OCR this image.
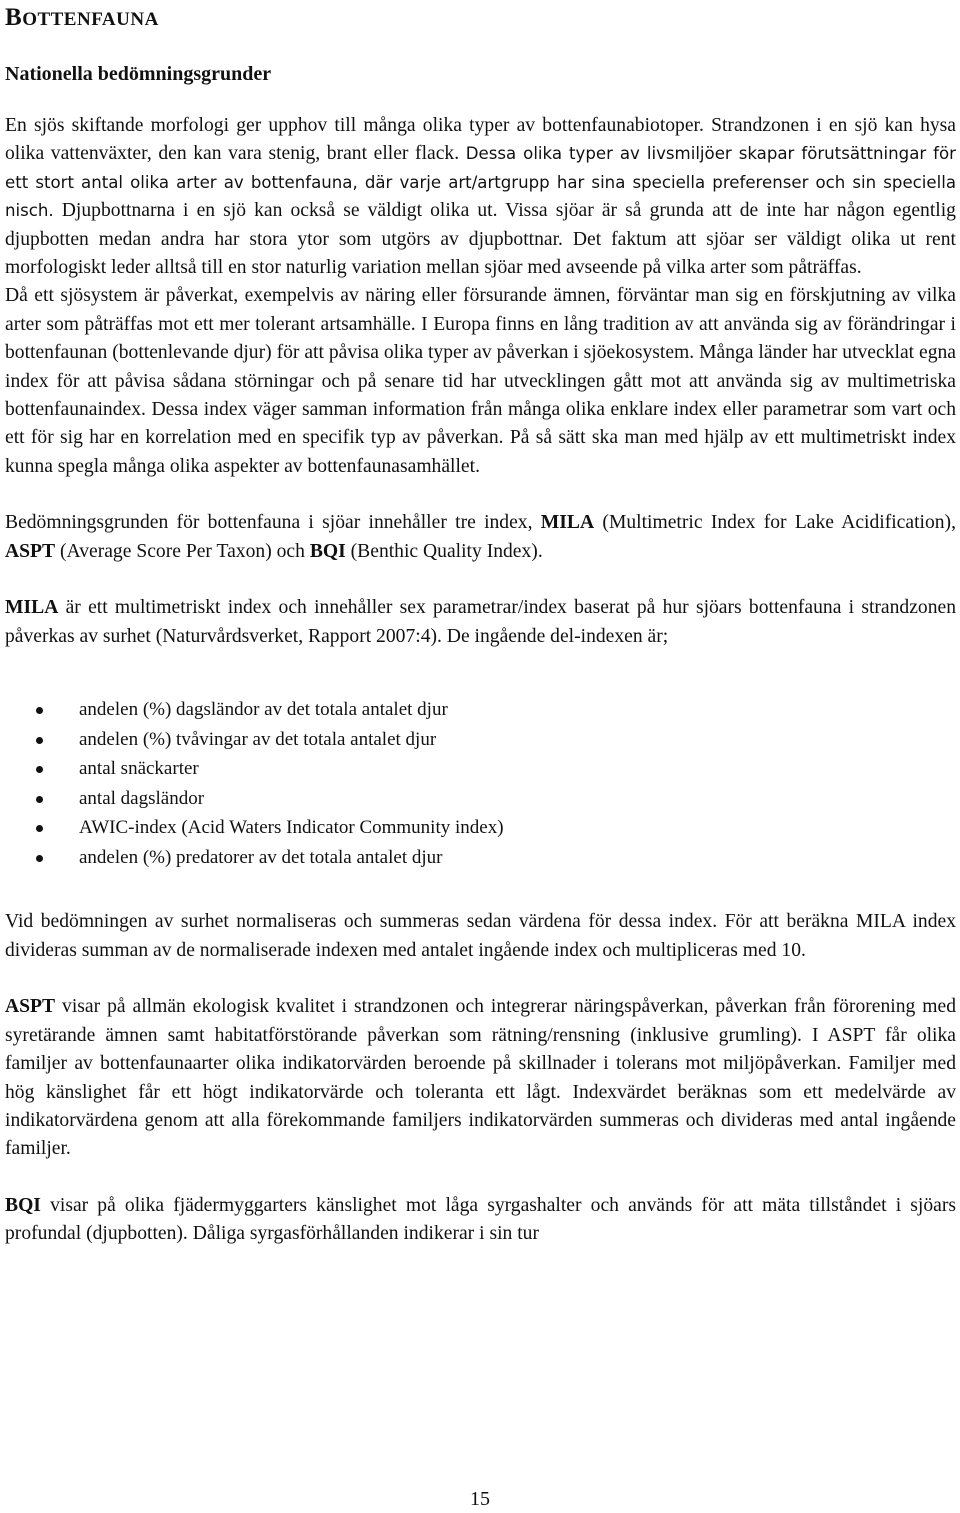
BOTTENFAUNA
Nationella bedömningsgrunder

En sjös skiftande morfologi ger upphov till många olika typer av bottenfaunabiotoper. Strandzonen i en sjö kan hysa olika vattenväxter, den kan vara stenig, brant eller flack. Dessa olika typer av livsmiljöer skapar förutsättningar för ett stort antal olika arter av bottenfauna, där varje art/artgrupp har sina speciella preferenser och sin speciella nisch. Djupbottnarna i en sjö kan också se väldigt olika ut. Vissa sjöar är så grunda att de inte har någon egentlig djupbotten medan andra har stora ytor som utgörs av djupbottnar. Det faktum att sjöar ser väldigt olika ut rent morfologiskt leder alltså till en stor naturlig variation mellan sjöar med avseende på vilka arter som påträffas.

Då ett sjösystem är påverkat, exempelvis av näring eller försurande ämnen, förväntar man sig en förskjutning av vilka arter som påträffas mot ett mer tolerant artsamhälle. I Europa finns en lång tradition av att använda sig av förändringar i bottenfaunan (bottenlevande djur) för att påvisa olika typer av påverkan i sjöekosystem. Många länder har utvecklat egna index för att påvisa sådana störningar och på senare tid har utvecklingen gått mot att använda sig av multimetriska bottenfaunaindex. Dessa index väger samman information från många olika enklare index eller parametrar som vart och ett för sig har en korrelation med en specifik typ av påverkan. På så sätt ska man med hjälp av ett multimetriskt index kunna spegla många olika aspekter av bottenfaunasamhället.

Bedömningsgrunden för bottenfauna i sjöar innehåller tre index, MILA (Multimetric Index for Lake Acidification), ASPT (Average Score Per Taxon) och BQI (Benthic Quality Index).

MILA är ett multimetriskt index och innehåller sex parametrar/index baserat på hur sjöars bottenfauna i strandzonen påverkas av surhet (Naturvårdsverket, Rapport 2007:4). De ingående del-indexen är;

andelen (%) dagsländor av det totala antalet djur
andelen (%) tvåvingar av det totala antalet djur
antal snäckarter
antal dagsländor
AWIC-index (Acid Waters Indicator Community index)
andelen (%) predatorer av det totala antalet djur

Vid bedömningen av surhet normaliseras och summeras sedan värdena för dessa index. För att beräkna MILA index divideras summan av de normaliserade indexen med antalet ingående index och multipliceras med 10.

ASPT visar på allmän ekologisk kvalitet i strandzonen och integrerar näringspåverkan, påverkan från förorening med syretärande ämnen samt habitatförstörande påverkan som rätning/rensning (inklusive grumling). I ASPT får olika familjer av bottenfaunaarter olika indikatorvärden beroende på skillnader i tolerans mot miljöpåverkan. Familjer med hög känslighet får ett högt indikatorvärde och toleranta ett lågt. Indexvärdet beräknas som ett medelvärde av indikatorvärdena genom att alla förekommande familjers indikatorvärden summeras och divideras med antal ingående familjer.

BQI visar på olika fjädermyggarters känslighet mot låga syrgashalter och används för att mäta tillståndet i sjöars profundal (djupbotten). Dåliga syrgasförhållanden indikerar i sin tur

15
